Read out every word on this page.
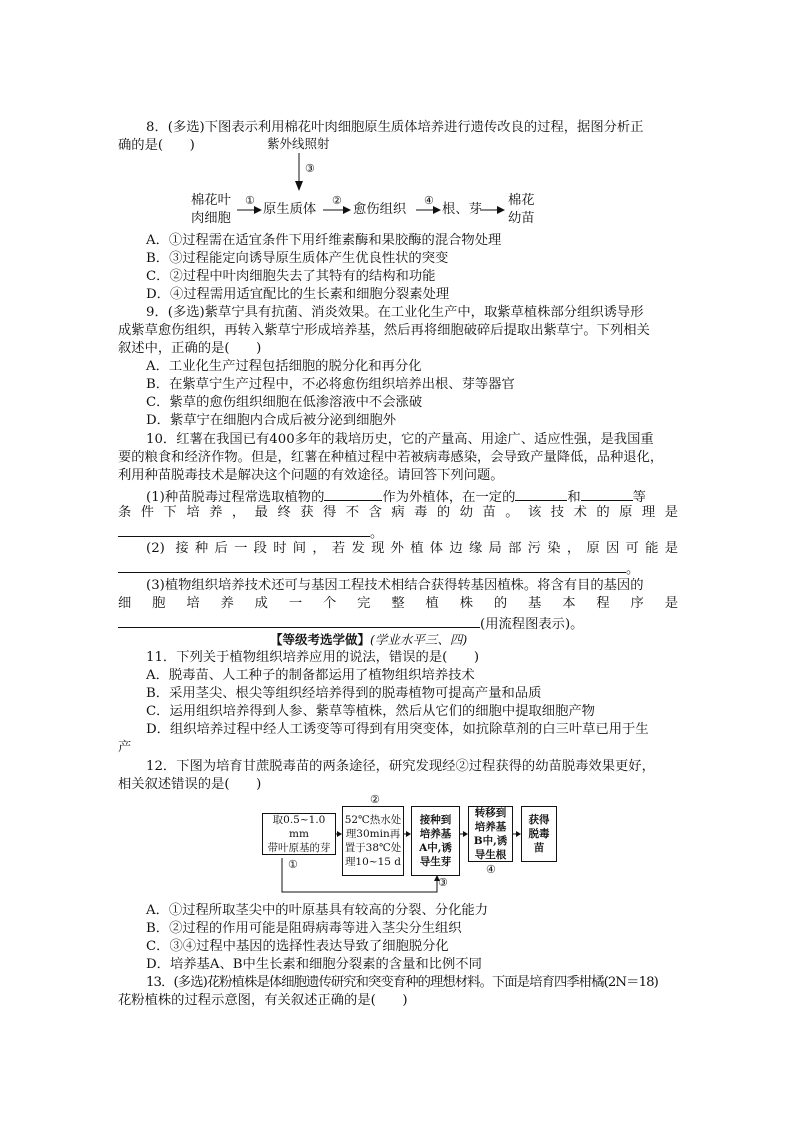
8．(多选)下图表示利用棉花叶肉细胞原生质体培养进行遗传改良的过程，据图分析正
确的是(　　)	紫外线照射
③
棉花叶
肉细胞
①
原生质体
②
愈伤组织
④
根、芽
棉花
幼苗
A．①过程需在适宜条件下用纤维素酶和果胶酶的混合物处理
B．③过程能定向诱导原生质体产生优良性状的突变
C．②过程中叶肉细胞失去了其特有的结构和功能
D．④过程需用适宜配比的生长素和细胞分裂素处理
9．(多选)紫草宁具有抗菌、消炎效果。在工业化生产中，取紫草植株部分组织诱导形
成紫草愈伤组织，再转入紫草宁形成培养基，然后再将细胞破碎后提取出紫草宁。下列相关
叙述中，正确的是(　　)
A．工业化生产过程包括细胞的脱分化和再分化
B．在紫草宁生产过程中，不必将愈伤组织培养出根、芽等器官
C．紫草的愈伤组织细胞在低渗溶液中不会涨破
D．紫草宁在细胞内合成后被分泌到细胞外
10．红薯在我国已有400多年的栽培历史，它的产量高、用途广、适应性强，是我国重
要的粮食和经济作物。但是，红薯在种植过程中若被病毒感染，会导致产量降低，品种退化，
利用种苗脱毒技术是解决这个问题的有效途径。请回答下列问题。
(1)种苗脱毒过程常选取植物的	作为外植体，在一定的	和	等
条件下培养，最终获得不含病毒的幼苗。该技术的原理是
。
(2) 接种后一段时间，若发现外植体边缘局部污染，原因可能是
。
(3)植物组织培养技术还可与基因工程技术相结合获得转基因植株。将含有目的基因的
细胞培养成一个完整植株的基本程序是
(用流程图表示)。
【等级考选学做】(学业水平三、四)
11．下列关于植物组织培养应用的说法，错误的是(　　)
A．脱毒苗、人工种子的制备都运用了植物组织培养技术
B．采用茎尖、根尖等组织经培养得到的脱毒植物可提高产量和品质
C．运用组织培养得到人参、紫草等植株，然后从它们的细胞中提取细胞产物
D．组织培养过程中经人工诱变等可得到有用突变体，如抗除草剂的白三叶草已用于生
产
12．下图为培育甘蔗脱毒苗的两条途径，研究发现经②过程获得的幼苗脱毒效果更好，
相关叙述错误的是(　　)
取0.5~1.0 mm
带叶原基的芽
52℃热水处
理30min再
置于38℃处
理10~15 d
接种到
培养基
A中,诱
导生芽
转移到
培养基
B中,诱
导生根
获得
脱毒
苗
②
①
③
④
A．①过程所取茎尖中的叶原基具有较高的分裂、分化能力
B．②过程的作用可能是阻碍病毒等进入茎尖分生组织
C．③④过程中基因的选择性表达导致了细胞脱分化
D．培养基A、B中生长素和细胞分裂素的含量和比例不同
13．(多选)花粉植株是体细胞遗传研究和突变育种的理想材料。下面是培育四季柑橘(2N＝18)
花粉植株的过程示意图，有关叙述正确的是(　　)
